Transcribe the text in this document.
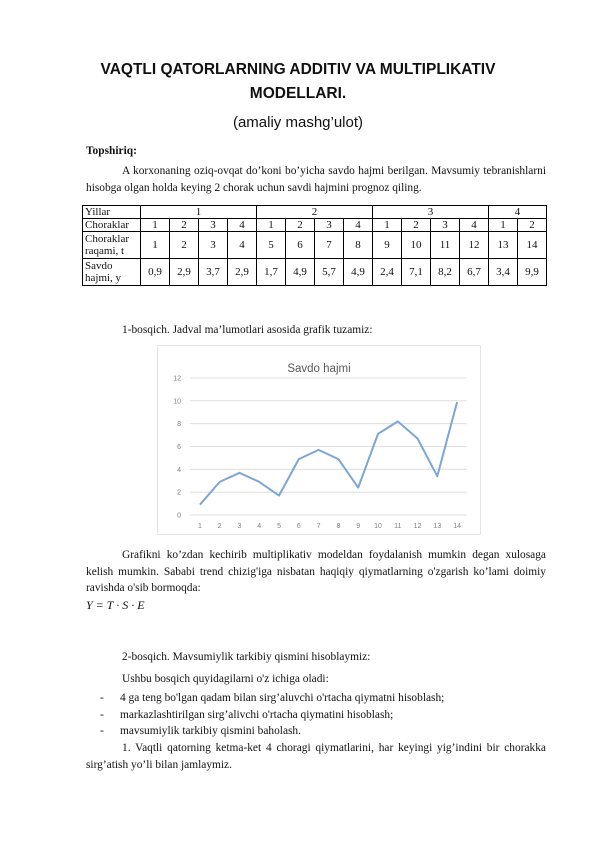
VAQTLI QATORLARNING ADDITIV VA MULTIPLIKATIV MODELLARI.
(amaliy mashg’ulot)
Topshiriq:
A korxonaning oziq-ovqat do’koni bo’yicha savdo hajmi berilgan. Mavsumiy tebranishlarni hisobga olgan holda keying 2 chorak uchun savdi hajmini prognoz qiling.
Yillar	1				2				3				4	
Choraklar	1	2	3	4	1	2	3	4	1	2	3	4	1	2
Choraklar raqami, t	1	2	3	4	5	6	7	8	9	10	11	12	13	14
Savdo hajmi, y	0,9	2,9	3,7	2,9	1,7	4,9	5,7	4,9	2,4	7,1	8,2	6,7	3,4	9,9
1-bosqich. Jadval ma’lumotlari asosida grafik tuzamiz:
Savdo hajmi
0
2
4
6
8
10
12
1 2 3 4 5 6 7 8 9 10 11 12 13 14
Grafikni ko’zdan kechirib multiplikativ modeldan foydalanish mumkin degan xulosaga kelish mumkin. Sababi trend chizig'iga nisbatan haqiqiy qiymatlarning o'zgarish ko’lami doimiy ravishda o'sib bormoqda:
Y = T · S · E
2-bosqich. Mavsumiylik tarkibiy qismini hisoblaymiz:
Ushbu bosqich quyidagilarni o'z ichiga oladi:
- 4 ga teng bo'lgan qadam bilan sirg’aluvchi o'rtacha qiymatni hisoblash;
- markazlashtirilgan sirg’alivchi o'rtacha qiymatini hisoblash;
- mavsumiylik tarkibiy qismini baholash.
1. Vaqtli qatorning ketma-ket 4 choragi qiymatlarini, har keyingi yig’indini bir chorakka sirg’atish yo’li bilan jamlaymiz.
